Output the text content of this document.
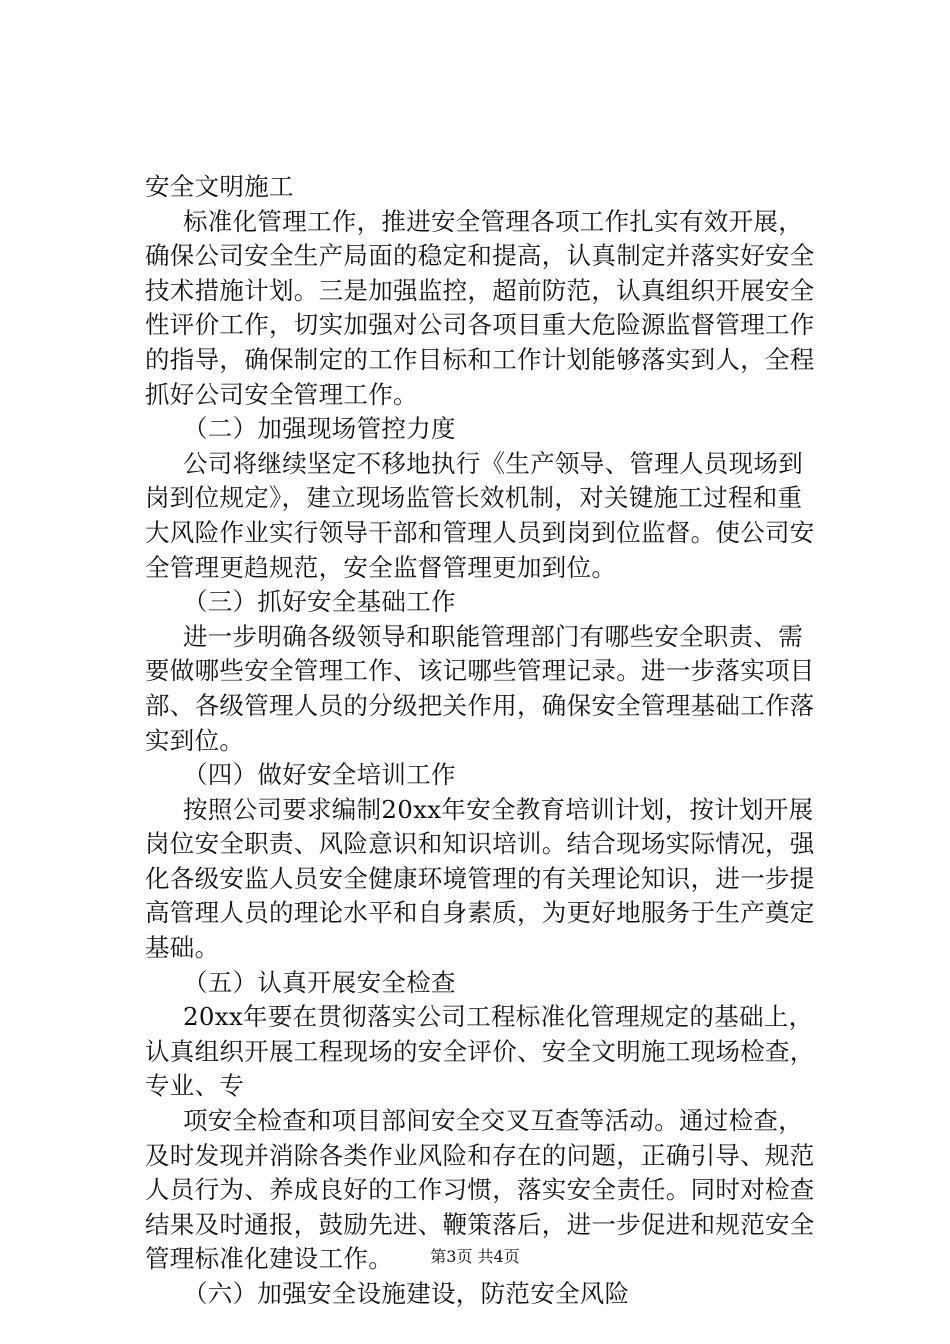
安全文明施工
标准化管理工作，推进安全管理各项工作扎实有效开展，
确保公司安全生产局面的稳定和提高，认真制定并落实好安全
技术措施计划。三是加强监控，超前防范，认真组织开展安全
性评价工作，切实加强对公司各项目重大危险源监督管理工作
的指导，确保制定的工作目标和工作计划能够落实到人，全程
抓好公司安全管理工作。
（二）加强现场管控力度
公司将继续坚定不移地执行《生产领导、管理人员现场到
岗到位规定》，建立现场监管长效机制，对关键施工过程和重
大风险作业实行领导干部和管理人员到岗到位监督。使公司安
全管理更趋规范，安全监督管理更加到位。
（三）抓好安全基础工作
进一步明确各级领导和职能管理部门有哪些安全职责、需
要做哪些安全管理工作、该记哪些管理记录。进一步落实项目
部、各级管理人员的分级把关作用，确保安全管理基础工作落
实到位。
（四）做好安全培训工作
按照公司要求编制20xx年安全教育培训计划，按计划开展
岗位安全职责、风险意识和知识培训。结合现场实际情况，强
化各级安监人员安全健康环境管理的有关理论知识，进一步提
高管理人员的理论水平和自身素质，为更好地服务于生产奠定
基础。
（五）认真开展安全检查
20xx年要在贯彻落实公司工程标准化管理规定的基础上，
认真组织开展工程现场的安全评价、安全文明施工现场检查，
专业、专
项安全检查和项目部间安全交叉互查等活动。通过检查，
及时发现并消除各类作业风险和存在的问题，正确引导、规范
人员行为、养成良好的工作习惯，落实安全责任。同时对检查
结果及时通报，鼓励先进、鞭策落后，进一步促进和规范安全
管理标准化建设工作。
（六）加强安全设施建设，防范安全风险
第3页 共4页
